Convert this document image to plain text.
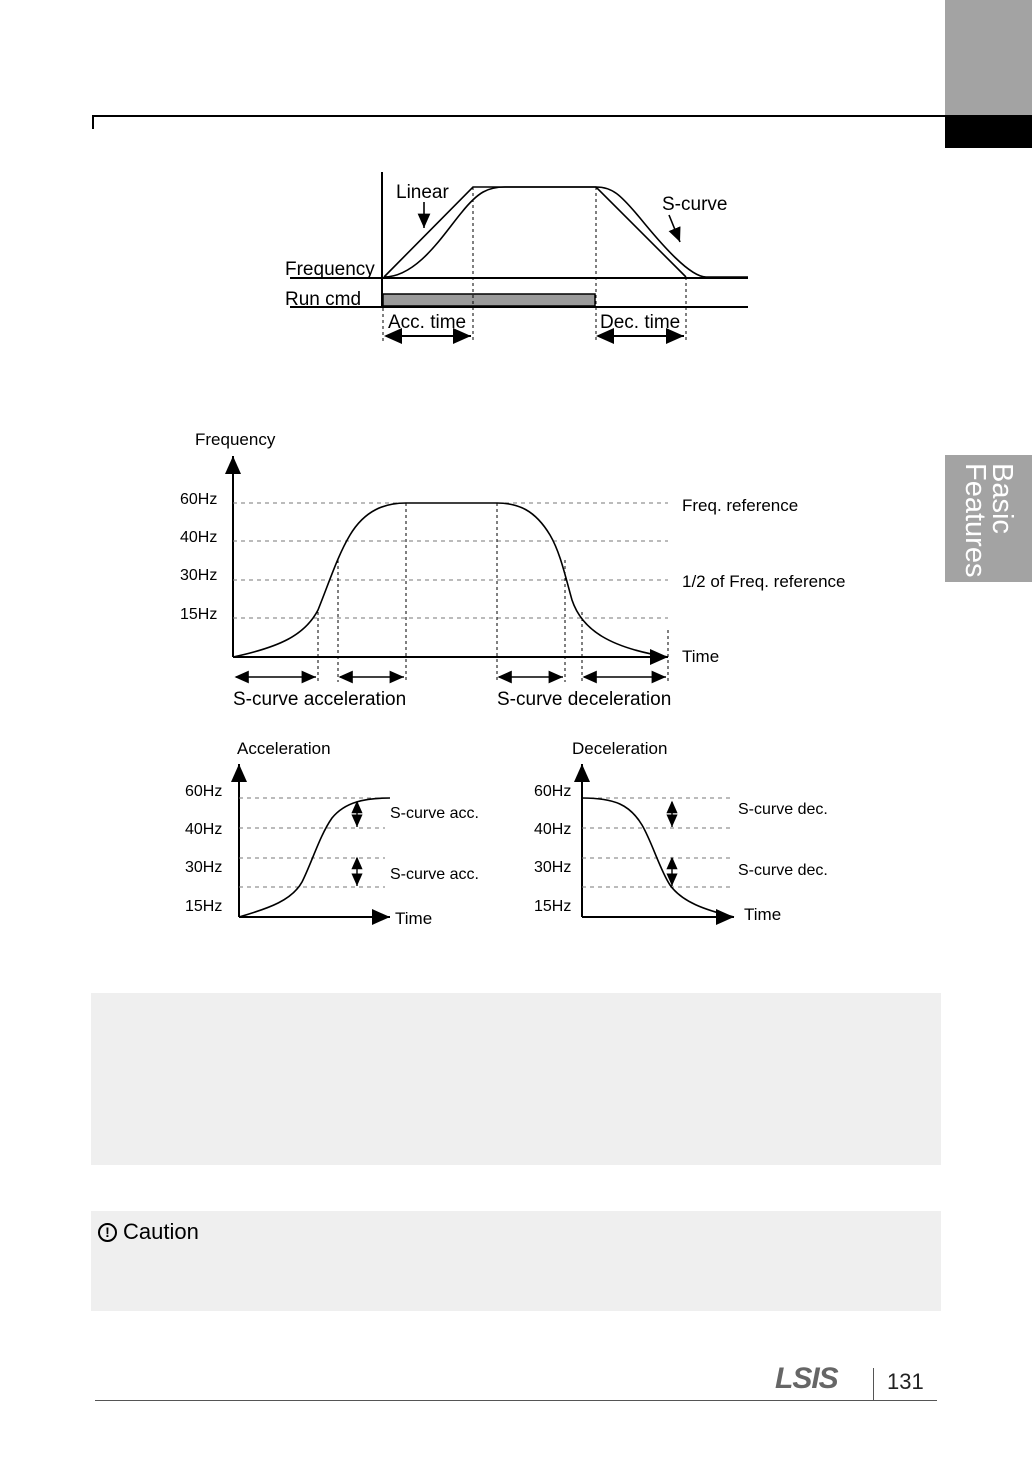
Basic
Features
Linear
S-curve
Frequency
Run cmd
Acc. time	Dec. time
Frequency
60Hz
40Hz
30Hz
15Hz
Freq. reference
1/2 of Freq. reference
Time
S-curve acceleration	S-curve deceleration
Acceleration
60Hz
40Hz
30Hz
15Hz
S-curve acc.
S-curve acc.
Time
Deceleration
60Hz
40Hz
30Hz
15Hz
S-curve dec.
S-curve dec.
Time
! Caution
LSIS 131
